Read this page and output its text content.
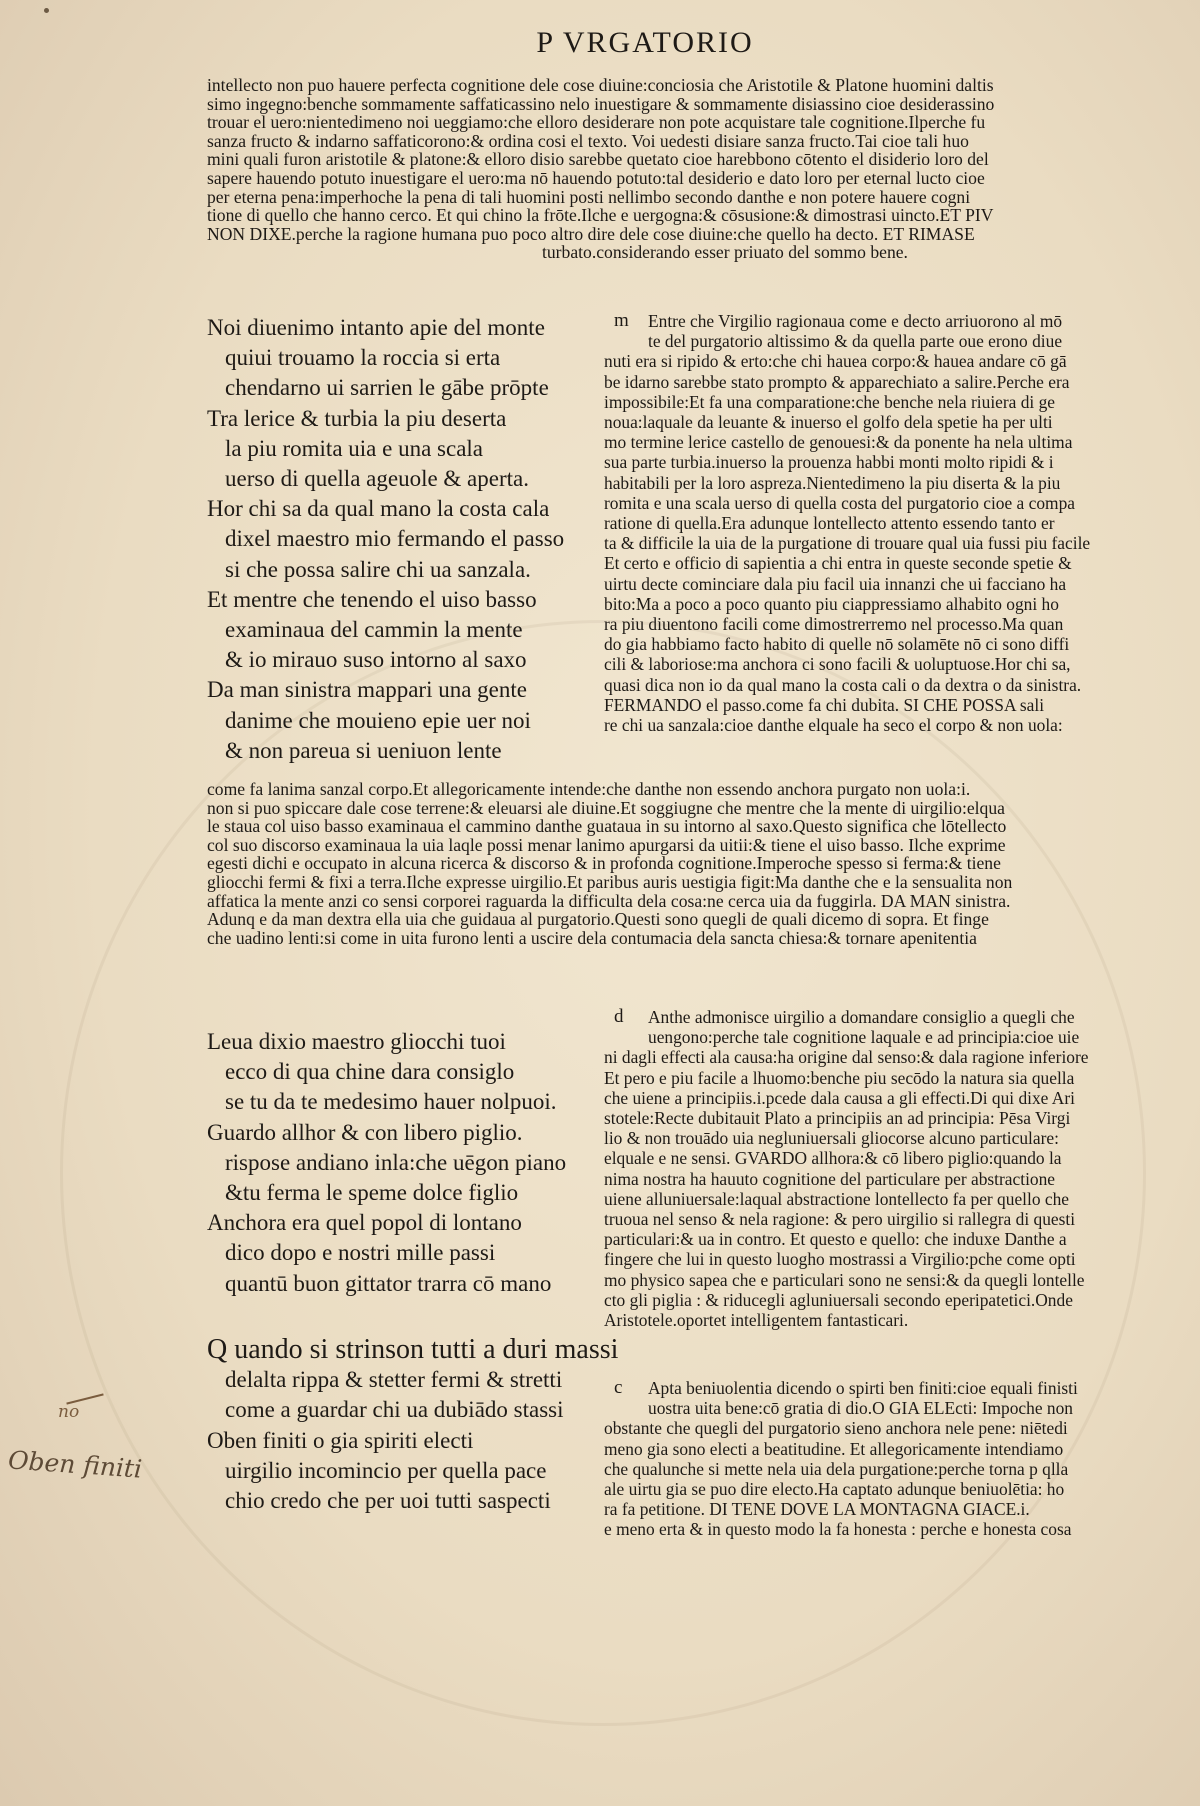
P VRGATORIO

intellecto non puo hauere perfecta cognitione dele cose diuine:conciosia che Aristotile & Platone huomini daltis

simo ingegno:benche sommamente saffaticassino nelo inuestigare & sommamente disiassino cioe desiderassino

trouar el uero:nientedimeno noi ueggiamo:che elloro desiderare non pote acquistare tale cognitione.Ilperche fu

sanza fructo & indarno saffaticorono:& ordina cosi el texto. Voi uedesti disiare sanza fructo.Tai cioe tali huo

mini quali furon aristotile & platone:& elloro disio sarebbe quetato cioe harebbono cōtento el disiderio loro del

sapere hauendo potuto inuestigare el uero:ma nō hauendo potuto:tal desiderio e dato loro per eternal lucto cioe

per eterna pena:imperhoche la pena di tali huomini posti nellimbo secondo danthe e non potere hauere cogni

tione di quello che hanno cerco. Et qui chino la frōte.Ilche e uergogna:& cōsusione:& dimostrasi uincto.ET PIV

NON DIXE.perche la ragione humana puo poco altro dire dele cose diuine:che quello ha decto. ET RIMASE

turbato.considerando esser priuato del sommo bene.

Noi diuenimo intanto apie del monte

quiui trouamo la roccia si erta

chendarno ui sarrien le gābe prōpte

Tra lerice & turbia la piu deserta

la piu romita uia e una scala

uerso di quella ageuole & aperta.

Hor chi sa da qual mano la costa cala

dixel maestro mio fermando el passo

si che possa salire chi ua sanzala.

Et mentre che tenendo el uiso basso

examinaua del cammin la mente

& io mirauo suso intorno al saxo

Da man sinistra mappari una gente

danime che mouieno epie uer noi

& non pareua si ueniuon lente

m	Entre che Virgilio ragionaua come e decto arriuorono al mō

te del purgatorio altissimo & da quella parte oue erono diue

nuti era si ripido & erto:che chi hauea corpo:& hauea andare cō gā

be idarno sarebbe stato prompto & apparechiato a salire.Perche era

impossibile:Et fa una comparatione:che benche nela riuiera di ge

noua:laquale da leuante & inuerso el golfo dela spetie ha per ulti

mo termine lerice castello de genouesi:& da ponente ha nela ultima

sua parte turbia.inuerso la prouenza habbi monti molto ripidi & i

habitabili per la loro aspreza.Nientedimeno la piu diserta & la piu

romita e una scala uerso di quella costa del purgatorio cioe a compa

ratione di quella.Era adunque lontellecto attento essendo tanto er

ta & difficile la uia de la purgatione di trouare qual uia fussi piu facile

Et certo e officio di sapientia a chi entra in queste seconde spetie &

uirtu decte cominciare dala piu facil uia innanzi che ui facciano ha

bito:Ma a poco a poco quanto piu ciappressiamo alhabito ogni ho

ra piu diuentono facili come dimostrerremo nel processo.Ma quan

do gia habbiamo facto habito di quelle nō solamēte nō ci sono diffi

cili & laboriose:ma anchora ci sono facili & uoluptuose.Hor chi sa,

quasi dica non io da qual mano la costa cali o da dextra o da sinistra.

FERMANDO el passo.come fa chi dubita. SI CHE POSSA sali

re chi ua sanzala:cioe danthe elquale ha seco el corpo & non uola:

come fa lanima sanzal corpo.Et allegoricamente intende:che danthe non essendo anchora purgato non uola:i.

non si puo spiccare dale cose terrene:& eleuarsi ale diuine.Et soggiugne che mentre che la mente di uirgilio:elqua

le staua col uiso basso examinaua el cammino danthe guataua in su intorno al saxo.Questo significa che lōtellecto

col suo discorso examinaua la uia laqle possi menar lanimo apurgarsi da uitii:& tiene el uiso basso. Ilche exprime

egesti dichi e occupato in alcuna ricerca & discorso & in profonda cognitione.Imperoche spesso si ferma:& tiene

gliocchi fermi & fixi a terra.Ilche expresse uirgilio.Et paribus auris uestigia figit:Ma danthe che e la sensualita non

affatica la mente anzi co sensi corporei raguarda la difficulta dela cosa:ne cerca uia da fuggirla. DA MAN sinistra.

Adunq e da man dextra ella uia che guidaua al purgatorio.Questi sono quegli de quali dicemo di sopra. Et finge

che uadino lenti:si come in uita furono lenti a uscire dela contumacia dela sancta chiesa:& tornare apenitentia

Leua dixio maestro gliocchi tuoi

ecco di qua chine dara consiglo

se tu da te medesimo hauer nolpuoi.

Guardo allhor & con libero piglio.

rispose andiano inla:che uēgon piano

&tu ferma le speme dolce figlio

Anchora era quel popol di lontano

dico dopo e nostri mille passi

quantū buon gittator trarra cō mano

d	Anthe admonisce uirgilio a domandare consiglio a quegli che

uengono:perche tale cognitione laquale e ad principia:cioe uie

ni dagli effecti ala causa:ha origine dal senso:& dala ragione inferiore

Et pero e piu facile a lhuomo:benche piu secōdo la natura sia quella

che uiene a principiis.i.pcede dala causa a gli effecti.Di qui dixe Ari

stotele:Recte dubitauit Plato a principiis an ad principia: Pēsa Virgi

lio & non trouādo uia negluniuersali gliocorse alcuno particulare:

elquale e ne sensi. GVARDO allhora:& cō libero piglio:quando la

nima nostra ha hauuto cognitione del particulare per abstractione

uiene alluniuersale:laqual abstractione lontellecto fa per quello che

truoua nel senso & nela ragione: & pero uirgilio si rallegra di questi

particulari:& ua in contro. Et questo e quello: che induxe Danthe a

fingere che lui in questo luogho mostrassi a Virgilio:pche come opti

mo physico sapea che e particulari sono ne sensi:& da quegli lontelle

cto gli piglia : & riducegli agluniuersali secondo eperipatetici.Onde

Aristotele.oportet intelligentem fantasticari.

Q uando si strinson tutti a duri massi

delalta rippa & stetter fermi & stretti

come a guardar chi ua dubiādo stassi

Oben finiti o gia spiriti electi

uirgilio incomincio per quella pace

chio credo che per uoi tutti saspecti

c	Apta beniuolentia dicendo o spirti ben finiti:cioe equali finisti

uostra uita bene:cō gratia di dio.O GIA ELEcti: Impoche non

obstante che quegli del purgatorio sieno anchora nele pene: niētedi

meno gia sono electi a beatitudine. Et allegoricamente intendiamo

che qualunche si mette nela uia dela purgatione:perche torna p qlla

ale uirtu gia se puo dire electo.Ha captato adunque beniuolētia: ho

ra fa petitione. DI TENE DOVE LA MONTAGNA GIACE.i.

e meno erta & in questo modo la fa honesta : perche e honesta cosa

no
Oben finiti
